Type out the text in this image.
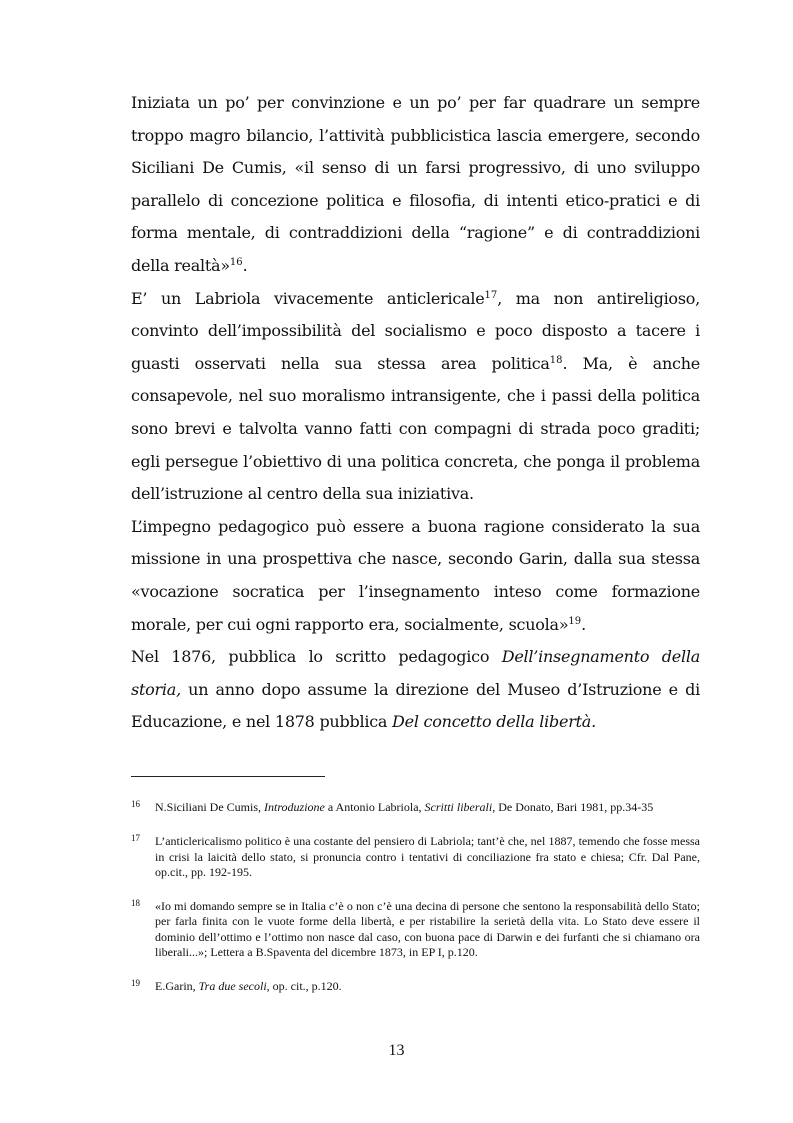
Iniziata un po’ per convinzione e un po’ per far quadrare un sempre troppo magro bilancio, l’attività pubblicistica lascia emergere, secondo Siciliani De Cumis, «il senso di un farsi progressivo, di uno sviluppo parallelo di concezione politica e filosofia, di intenti etico-pratici e di forma mentale, di contraddizioni della “ragione” e di contraddizioni della realtà»$^{16}$.

E’ un Labriola vivacemente anticlericale$^{17}$, ma non antireligioso, convinto dell’impossibilità del socialismo e poco disposto a tacere i guasti osservati nella sua stessa area politica$^{18}$. Ma, è anche consapevole, nel suo moralismo intransigente, che i passi della politica sono brevi e talvolta vanno fatti con compagni di strada poco graditi; egli persegue l’obiettivo di una politica concreta, che ponga il problema dell’istruzione al centro della sua iniziativa.

L’impegno pedagogico può essere a buona ragione considerato la sua missione in una prospettiva che nasce, secondo Garin, dalla sua stessa «vocazione socratica per l’insegnamento inteso come formazione morale, per cui ogni rapporto era, socialmente, scuola»$^{19}$.

Nel 1876, pubblica lo scritto pedagogico Dell’insegnamento della storia, un anno dopo assume la direzione del Museo d’Istruzione e di Educazione, e nel 1878 pubblica Del concetto della libertà.

16 N.Siciliani De Cumis, Introduzione a Antonio Labriola, Scritti liberali, De Donato, Bari 1981, pp.34-35
17 L’anticlericalismo politico è una costante del pensiero di Labriola; tant’è che, nel 1887, temendo che fosse messa in crisi la laicità dello stato, si pronuncia contro i tentativi di conciliazione fra stato e chiesa; Cfr. Dal Pane, op.cit., pp. 192-195.
18 «Io mi domando sempre se in Italia c’è o non c’è una decina di persone che sentono la responsabilità dello Stato; per farla finita con le vuote forme della libertà, e per ristabilire la serietà della vita. Lo Stato deve essere il dominio dell’ottimo e l’ottimo non nasce dal caso, con buona pace di Darwin e dei furfanti che si chiamano ora liberali...»; Lettera a B.Spaventa del dicembre 1873, in EP I, p.120.
19 E.Garin, Tra due secoli, op. cit., p.120.
13
